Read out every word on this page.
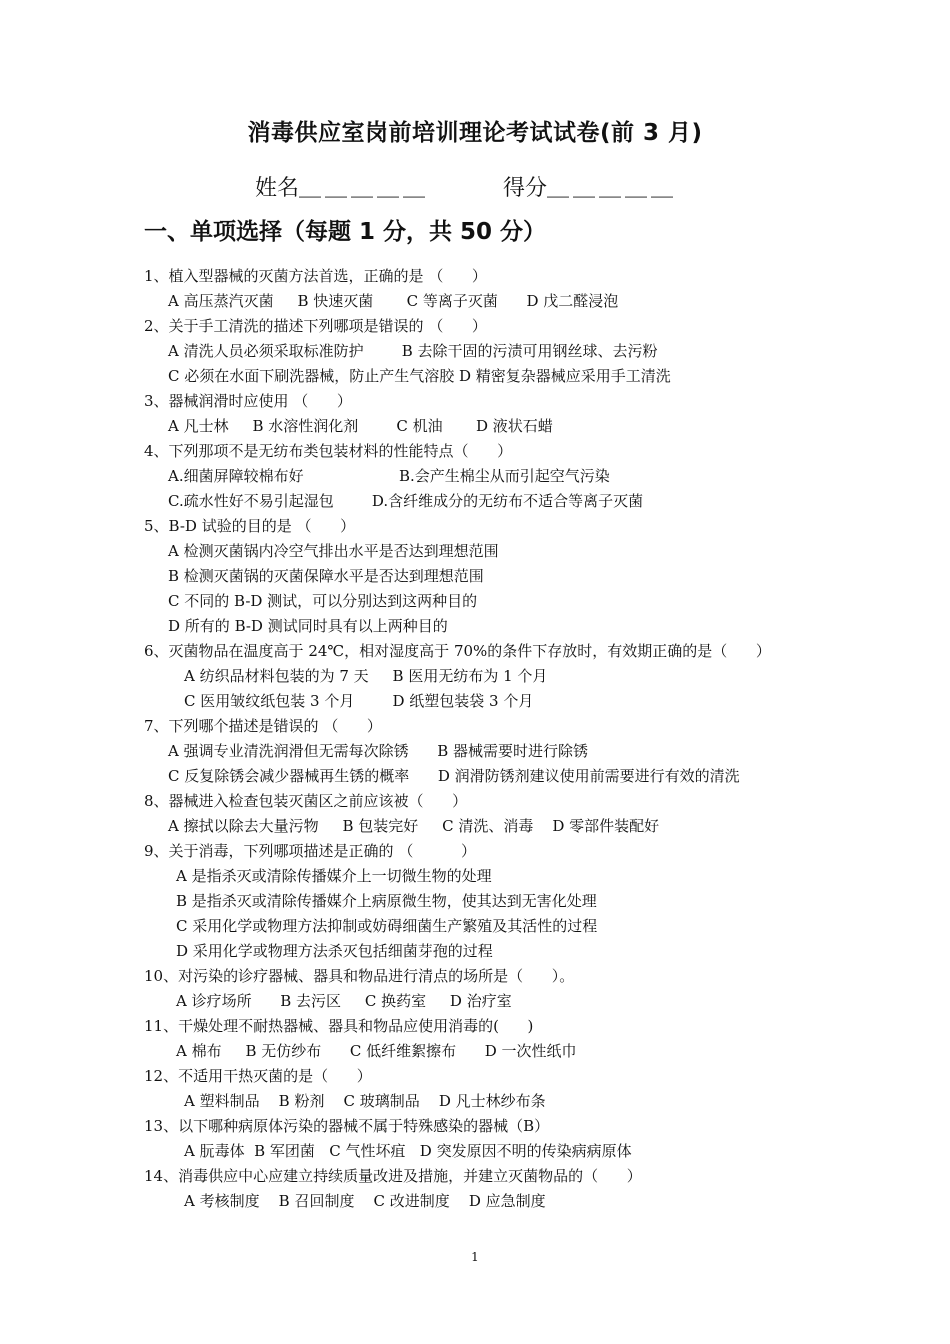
消毒供应室岗前培训理论考试试卷(前 3 月)
姓名＿＿＿＿＿	得分＿＿＿＿＿
一、单项选择（每题 1 分，共 50 分）
1、植入型器械的灭菌方法首选，正确的是 （      ）
A 高压蒸汽灭菌     B 快速灭菌       C 等离子灭菌      D 戊二醛浸泡
2、关于手工清洗的描述下列哪项是错误的 （      ）
A 清洗人员必须采取标准防护        B 去除干固的污渍可用钢丝球、去污粉
C 必须在水面下刷洗器械，防止产生气溶胶 D 精密复杂器械应采用手工清洗
3、器械润滑时应使用 （      ）
A 凡士林     B 水溶性润化剂        C 机油       D 液状石蜡
4、下列那项不是无纺布类包装材料的性能特点（      ）
A.细菌屏障较棉布好                    B.会产生棉尘从而引起空气污染
C.疏水性好不易引起湿包        D.含纤维成分的无纺布不适合等离子灭菌
5、B-D 试验的目的是 （      ）
A 检测灭菌锅内冷空气排出水平是否达到理想范围
B 检测灭菌锅的灭菌保障水平是否达到理想范围
C 不同的 B-D 测试，可以分别达到这两种目的
D 所有的 B-D 测试同时具有以上两种目的
6、灭菌物品在温度高于 24℃，相对湿度高于 70%的条件下存放时，有效期正确的是（      ）
A 纺织品材料包装的为 7 天     B 医用无纺布为 1 个月
C 医用皱纹纸包装 3 个月        D 纸塑包装袋 3 个月
7、下列哪个描述是错误的 （      ）
A 强调专业清洗润滑但无需每次除锈      B 器械需要时进行除锈
C 反复除锈会减少器械再生锈的概率      D 润滑防锈剂建议使用前需要进行有效的清洗
8、器械进入检查包装灭菌区之前应该被（      ）
A 擦拭以除去大量污物     B 包装完好     C 清洗、消毒    D 零部件装配好
9、关于消毒，下列哪项描述是正确的 （          ）
A 是指杀灭或清除传播媒介上一切微生物的处理
B 是指杀灭或清除传播媒介上病原微生物，使其达到无害化处理
C 采用化学或物理方法抑制或妨碍细菌生产繁殖及其活性的过程
D 采用化学或物理方法杀灭包括细菌芽孢的过程
10、对污染的诊疗器械、器具和物品进行清点的场所是（      ）。
A 诊疗场所      B 去污区     C 换药室     D 治疗室
11、干燥处理不耐热器械、器具和物品应使用消毒的(      )
A 棉布     B 无仿纱布      C 低纤维絮擦布      D 一次性纸巾
12、不适用干热灭菌的是（      ）
A 塑料制品    B 粉剂    C 玻璃制品    D 凡士林纱布条
13、以下哪种病原体污染的器械不属于特殊感染的器械（B）
A 朊毒体  B 军团菌   C 气性坏疽   D 突发原因不明的传染病病原体
14、消毒供应中心应建立持续质量改进及措施，并建立灭菌物品的（      ）
A 考核制度    B 召回制度    C 改进制度    D 应急制度
1
